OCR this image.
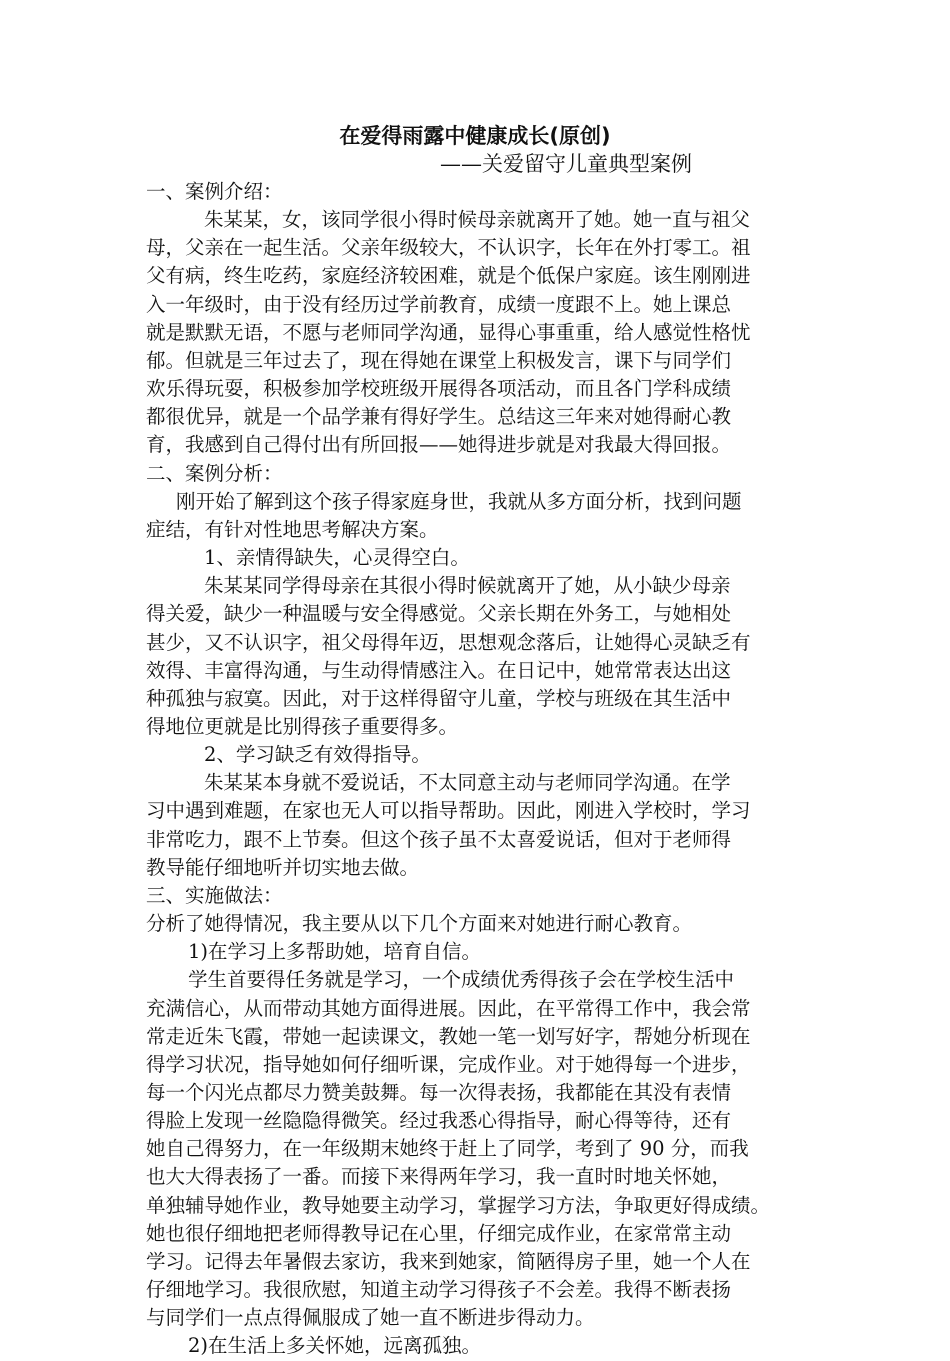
在爱得雨露中健康成长(原创)
——关爱留守儿童典型案例
一、案例介绍：
朱某某，女，该同学很小得时候母亲就离开了她。她一直与祖父
母，父亲在一起生活。父亲年级较大，不认识字，长年在外打零工。祖
父有病，终生吃药，家庭经济较困难，就是个低保户家庭。该生刚刚进
入一年级时，由于没有经历过学前教育，成绩一度跟不上。她上课总
就是默默无语，不愿与老师同学沟通，显得心事重重，给人感觉性格忧
郁。但就是三年过去了，现在得她在课堂上积极发言，课下与同学们
欢乐得玩耍，积极参加学校班级开展得各项活动，而且各门学科成绩
都很优异，就是一个品学兼有得好学生。总结这三年来对她得耐心教
育，我感到自己得付出有所回报——她得进步就是对我最大得回报。
二、案例分析：
刚开始了解到这个孩子得家庭身世，我就从多方面分析，找到问题
症结，有针对性地思考解决方案。
1、亲情得缺失，心灵得空白。
朱某某同学得母亲在其很小得时候就离开了她，从小缺少母亲
得关爱，缺少一种温暖与安全得感觉。父亲长期在外务工，与她相处
甚少，又不认识字，祖父母得年迈，思想观念落后，让她得心灵缺乏有
效得、丰富得沟通，与生动得情感注入。在日记中，她常常表达出这
种孤独与寂寞。因此，对于这样得留守儿童，学校与班级在其生活中
得地位更就是比别得孩子重要得多。
2、学习缺乏有效得指导。
朱某某本身就不爱说话，不太同意主动与老师同学沟通。在学
习中遇到难题，在家也无人可以指导帮助。因此，刚进入学校时，学习
非常吃力，跟不上节奏。但这个孩子虽不太喜爱说话，但对于老师得
教导能仔细地听并切实地去做。
三、实施做法：
分析了她得情况，我主要从以下几个方面来对她进行耐心教育。
1)在学习上多帮助她，培育自信。
学生首要得任务就是学习，一个成绩优秀得孩子会在学校生活中
充满信心，从而带动其她方面得进展。因此，在平常得工作中，我会常
常走近朱飞霞，带她一起读课文，教她一笔一划写好字，帮她分析现在
得学习状况，指导她如何仔细听课，完成作业。对于她得每一个进步，
每一个闪光点都尽力赞美鼓舞。每一次得表扬，我都能在其没有表情
得脸上发现一丝隐隐得微笑。经过我悉心得指导，耐心得等待，还有
她自己得努力，在一年级期末她终于赶上了同学，考到了 90 分，而我
也大大得表扬了一番。而接下来得两年学习，我一直时时地关怀她，
单独辅导她作业，教导她要主动学习，掌握学习方法，争取更好得成绩。
她也很仔细地把老师得教导记在心里，仔细完成作业，在家常常主动
学习。记得去年暑假去家访，我来到她家，简陋得房子里，她一个人在
仔细地学习。我很欣慰，知道主动学习得孩子不会差。我得不断表扬
与同学们一点点得佩服成了她一直不断进步得动力。
2)在生活上多关怀她，远离孤独。
